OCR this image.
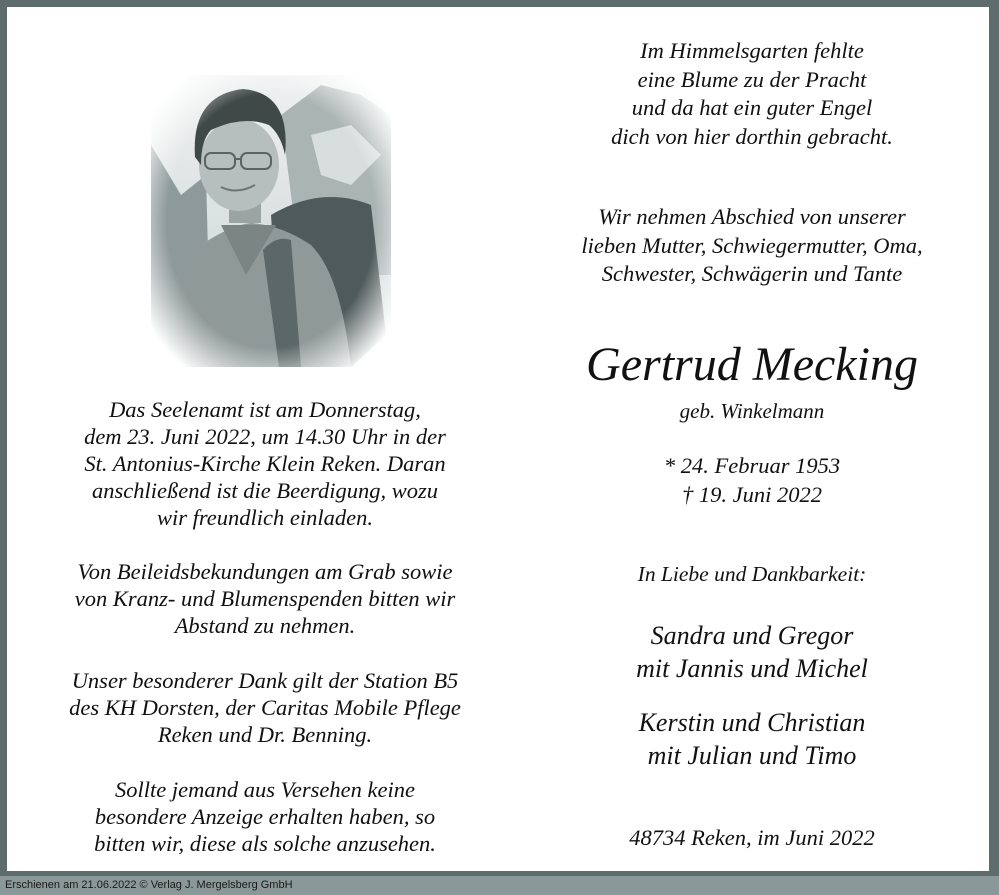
Das Seelenamt ist am Donnerstag,
dem 23. Juni 2022, um 14.30 Uhr in der
St. Antonius-Kirche Klein Reken. Daran
anschließend ist die Beerdigung, wozu
wir freundlich einladen.
Von Beileidsbekundungen am Grab sowie
von Kranz- und Blumenspenden bitten wir
Abstand zu nehmen.
Unser besonderer Dank gilt der Station B5
des KH Dorsten, der Caritas Mobile Pflege
Reken und Dr. Benning.
Sollte jemand aus Versehen keine
besondere Anzeige erhalten haben, so
bitten wir, diese als solche anzusehen.
Im Himmelsgarten fehlte
eine Blume zu der Pracht
und da hat ein guter Engel
dich von hier dorthin gebracht.
Wir nehmen Abschied von unserer
lieben Mutter, Schwiegermutter, Oma,
Schwester, Schwägerin und Tante
Gertrud Mecking
geb. Winkelmann
* 24. Februar 1953
† 19. Juni 2022
In Liebe und Dankbarkeit:
Sandra und Gregor
mit Jannis und Michel
Kerstin und Christian
mit Julian und Timo
48734 Reken, im Juni 2022
Erschienen am 21.06.2022 © Verlag J. Mergelsberg GmbH
